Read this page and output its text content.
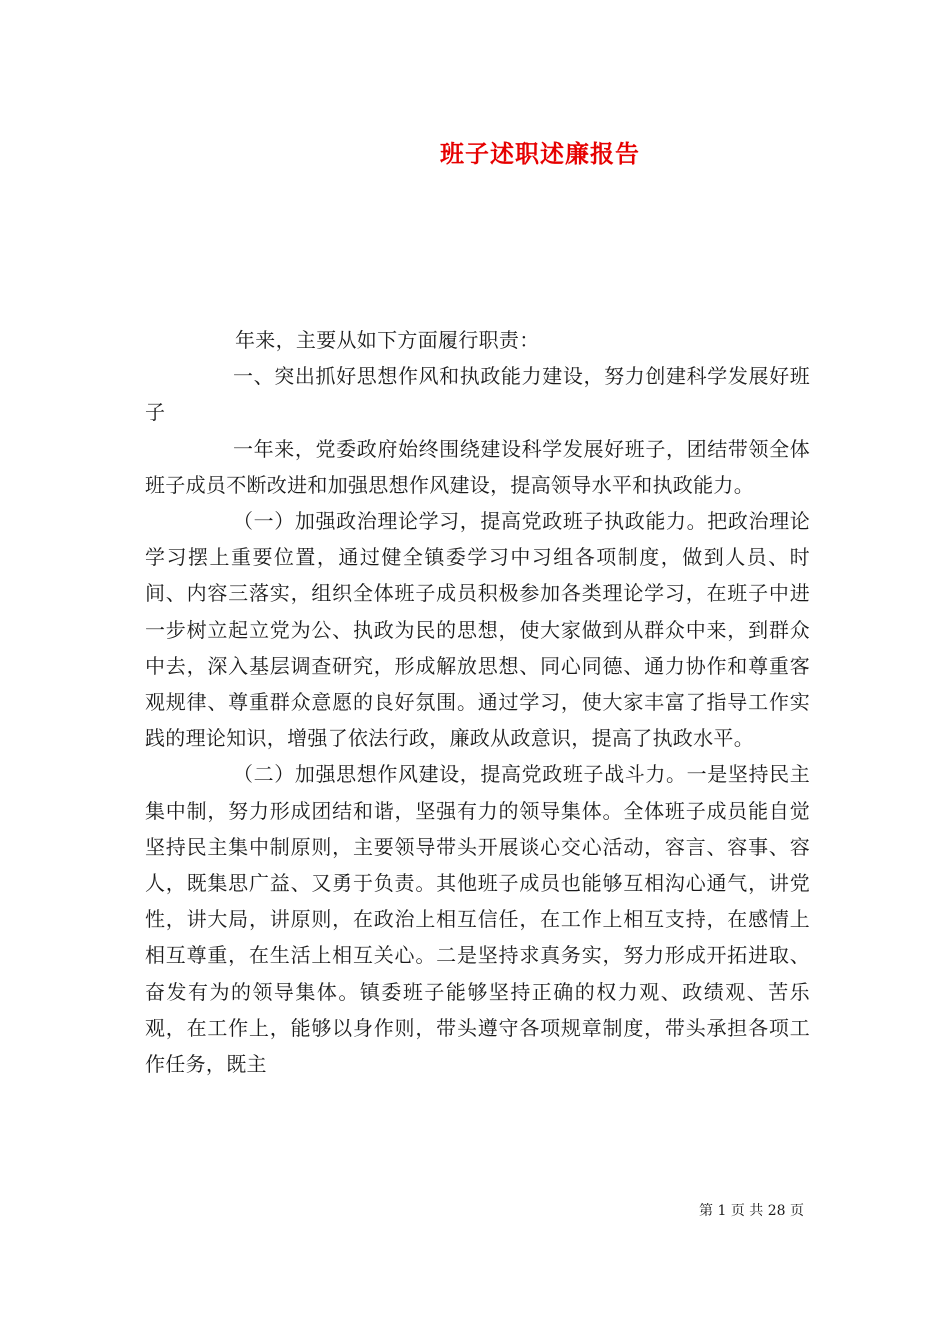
班子述职述廉报告

年来，主要从如下方面履行职责：

一、突出抓好思想作风和执政能力建设，努力创建科学发展好班子

一年来，党委政府始终围绕建设科学发展好班子，团结带领全体班子成员不断改进和加强思想作风建设，提高领导水平和执政能力。

（一）加强政治理论学习，提高党政班子执政能力。把政治理论学习摆上重要位置，通过健全镇委学习中习组各项制度，做到人员、时间、内容三落实，组织全体班子成员积极参加各类理论学习，在班子中进一步树立起立党为公、执政为民的思想，使大家做到从群众中来，到群众中去，深入基层调查研究，形成解放思想、同心同德、通力协作和尊重客观规律、尊重群众意愿的良好氛围。通过学习，使大家丰富了指导工作实践的理论知识，增强了依法行政，廉政从政意识，提高了执政水平。

（二）加强思想作风建设，提高党政班子战斗力。一是坚持民主集中制，努力形成团结和谐，坚强有力的领导集体。全体班子成员能自觉坚持民主集中制原则，主要领导带头开展谈心交心活动，容言、容事、容人，既集思广益、又勇于负责。其他班子成员也能够互相沟心通气，讲党性，讲大局，讲原则，在政治上相互信任，在工作上相互支持，在感情上相互尊重，在生活上相互关心。二是坚持求真务实，努力形成开拓进取、奋发有为的领导集体。镇委班子能够坚持正确的权力观、政绩观、苦乐观，在工作上，能够以身作则，带头遵守各项规章制度，带头承担各项工作任务，既主

第 1 页 共 28 页
